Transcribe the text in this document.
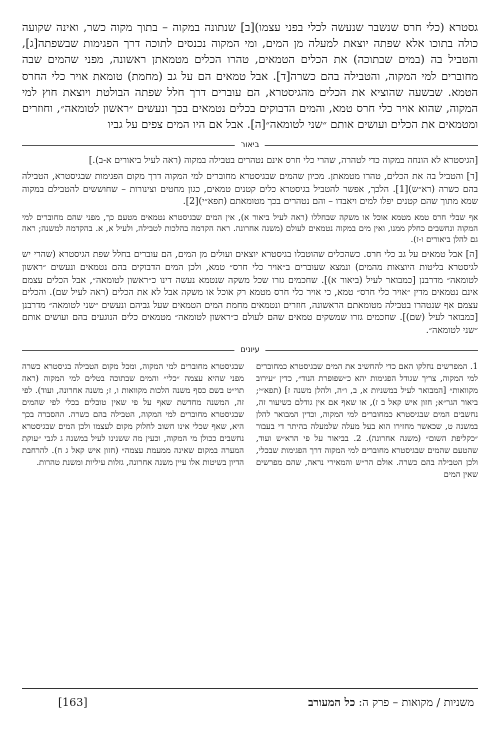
גסטרא (כלי חרס שנשבר שנעשה לכלי בפני עצמו)[ב] שנתונה במקוה – בתוך מקוה כשר, ואינה שקועה כולה בתוכו אלא שפתה יוצאת למעלה מן המים, ומי המקוה נכנסים לתוכה דרך הפגימות שבשפתה[ג], והטביל בה (במים שבתוכה) את הכלים הטמאים, טהרו הכלים מטמאתן ראשונה, מפני שהמים שבה מחוברים למי המקוה, והטבילה בהם כשרה[ד]. אבל טמאים הם על גב (מחמת) טומאת אויר כלי החרס הטמא. שבשעה שהוציא את הכלים מהגיסטרא, הם עוברים דרך חלל שפתה הבולטת ויוצאת חוץ למי המקוה, שהוא אויר כלי חרס טמא, והמים הדבוקים בכלים נטמאים בכך ונעשים ״ראשון לטומאה״, וחוזרים ומטמאים את הכלים ועושים אותם ״שני לטומאה״[ה]. אבל אם היו המים צפים על גביו

ביאור

[הגיסטרא לא הונחה במקוה כדי לטהרה, שהרי כלי חרס אינם נטהרים בטבילה במקוה (ראה לעיל ביאורים א-ב).]

[ד] והטביל בה את הכלים, טהרו מטמאתן. מכיון שהמים שבגיסטרא מחוברים למי המקוה דרך מקום הפגימות שבגיסטרא, הטבילה בהם כשרה (רא״ש)[1]. הלכך, אפשר להטביל בגיסטרא כלים קטנים טמאים, כגון מחטים וצינורות – שחוששים להטבילם במקוה שמא מתוך שהם קטנים יפלו למים ויאבדו – והם נטהרים בכך מטומאתם (תפא״י)[2].

אף שבלי חרס טמא מטמא אוכל או משקה שבחללו (ראה לעיל ביאור א), אין המים שבגיסטרא נטמאים מטעם כך, מפני שהם מחוברים למי המקוה ונחשבים כחלק ממנו, ואין מים במקוה נטמאים לעולם (משנה אחרונה. ראה הקדמה בהלכות לטבילה, ולעיל א, א. בהקדמה למשנה; ראה גם להלן ביאורים ו-ז).

[ה] אבל טמאים על גב כלי חרס. כשהכלים שהוטבלו בגיסטרא יוצאים ועולים מן המים, הם עוברים בחלל שפת הגיסטרא (שהרי יש לגיסטרא בליטות היוצאות מהמים) ונמצא שעוברים ב״אויר כלי חרס״ טמא, ולכן המים הדבוקים בהם נטמאים ונעשים ״ראשון לטומאה״ מדרבנן [כמבואר לעיל (ביאור א)]. שחכמים גזרו שכל משקה שנטמא נעשה דינו כ״ראשון לטומאה״, אבל הכלים עצמם אינם נטמאים מדין ״אויר כלי חרס״ טמא, כי אויר כלי חרס מטמא רק אוכל או משקה אבל לא את הכלים (ראה לעיל שם). והכלים עצמם אף שנטהרו בטבילה מטומאתם הראשונה, חוזרים ונטמאים מחמת המים הטמאים שעל גביהם ונעשים ״שני לטומאה״ מדרבנן [כמבואר לעיל (שם)]. שחכמים גזרו שמשקים טמאים שהם לעולם כ״ראשון לטומאה״ מטמאים כלים הנוגעים בהם ועושים אותם ״שני לטומאה״.

עיונים

1. המפרשים נחלקו האם כדי להחשיב את המים שבגיסטרא כמחוברים למי המקוה, צריך שגודל הפגימות יהא כ״שפופרת הנוד״, כדין ״עירוב מקוואות״ [המבואר לעיל במשניות א, ב, ו״ה, ולהלן משנה ז] (תפא״י; ביאור הגר״א; חזון איש קאל ב ז), או שאף אם אין גודלם כשיעור זה, נחשבים המים שבגיסטרא כמחוברים למי המקוה, וכדין המבואר להלן במשנה ט, שכאשר מחזירו הוא בעל מעלה שלמעלה בהיתר די בעבור ״כקליפת השום״ (משנה אחרונה). 2. בביאור על פי הרא״ש ועוד, שהטעם שהמים שבגיסטרא מחוברים למי המקוה דרך הפגימות שבכלי, ולכן הטבילה בהם כשרה. אולם הר״ש והמאירי נראה, שהם מפרשים שאין המים

שבגיסטרא מחוברים למי המקוה, ומכל מקום הטבילה בגיסטרא כשרה מפני שהיא עצמה ״כלי״ והמים שבתוכה בטלים למי המקוה (ראה תוי״ט בשם כסף משנה הלכות מקוואות ו, ז; משנה אחרונה, ועוד). לפי זה, המשנה מחדשת שאף על פי שאין טובלים בכלי לפי שהמים שבגיסטרא מחוברים למי המקוה, הטבילה בהם כשרה. ההסברה בכך היא, שאף שכלי אינו חשוב לחלוק מקום לעצמו ולכן המים שבגיסטרא נחשבים ככולן מי המקוה, וכעין מה ששנינו לעיל במשנה ג לגבי ״עוקת המערה במקום שאינה ממעמת עצמה״ (חזון איש קאל ג ח). להרחבת הדיון בשיטות אלו עיין משנה אחרונה, גזלות עיליות ומשנת טהרות.

משניות / מקואות – פרק ה: כל המעורב
[163]
